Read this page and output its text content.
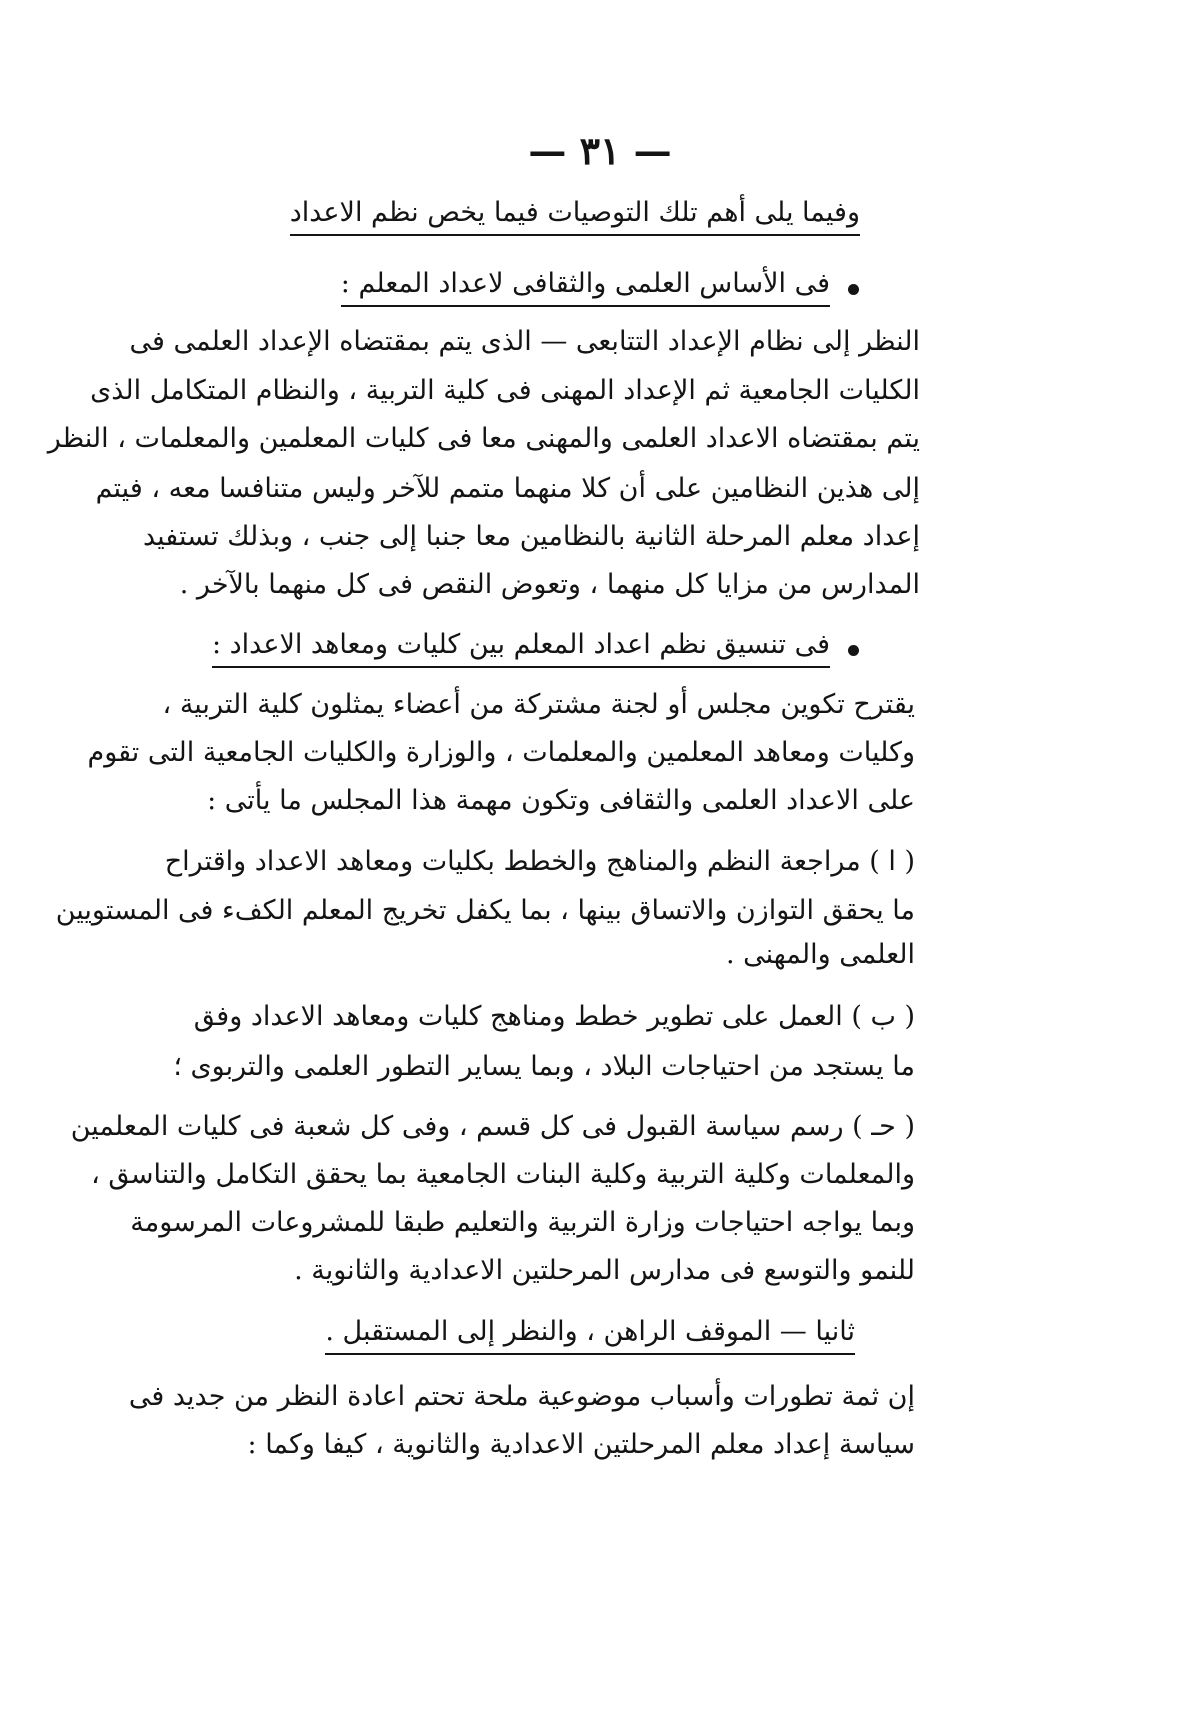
— ٣١ —
وفيما يلى أهم تلك التوصيات فيما يخص نظم الاعداد
فى الأساس العلمى والثقافى لاعداد المعلم :
النظر إلى نظام الإعداد التتابعى — الذى يتم بمقتضاه الإعداد العلمى فى
الكليات الجامعية ثم الإعداد المهنى فى كلية التربية ، والنظام المتكامل الذى
يتم بمقتضاه الاعداد العلمى والمهنى معا فى كليات المعلمين والمعلمات ، النظر
إلى هذين النظامين على أن كلا منهما متمم للآخر وليس متنافسا معه ، فيتم
إعداد معلم المرحلة الثانية بالنظامين معا جنبا إلى جنب ، وبذلك تستفيد
المدارس من مزايا كل منهما ، وتعوض النقص فى كل منهما بالآخر .
فى تنسيق نظم اعداد المعلم بين كليات ومعاهد الاعداد :
يقترح تكوين مجلس أو لجنة مشتركة من أعضاء يمثلون كلية التربية ،
وكليات ومعاهد المعلمين والمعلمات ، والوزارة والكليات الجامعية التى تقوم
على الاعداد العلمى والثقافى وتكون مهمة هذا المجلس ما يأتى :
( ا ) مراجعة النظم والمناهج والخطط بكليات ومعاهد الاعداد واقتراح
ما يحقق التوازن والاتساق بينها ، بما يكفل تخريج المعلم الكفء فى المستويين
العلمى والمهنى .
( ب ) العمل على تطوير خطط ومناهج كليات ومعاهد الاعداد وفق
ما يستجد من احتياجات البلاد ، وبما يساير التطور العلمى والتربوى ؛
( حـ ) رسم سياسة القبول فى كل قسم ، وفى كل شعبة فى كليات المعلمين
والمعلمات وكلية التربية وكلية البنات الجامعية بما يحقق التكامل والتناسق ،
وبما يواجه احتياجات وزارة التربية والتعليم طبقا للمشروعات المرسومة
للنمو والتوسع فى مدارس المرحلتين الاعدادية والثانوية .
ثانيا — الموقف الراهن ، والنظر إلى المستقبل .
إن ثمة تطورات وأسباب موضوعية ملحة تحتم اعادة النظر من جديد فى
سياسة إعداد معلم المرحلتين الاعدادية والثانوية ، كيفا وكما :
